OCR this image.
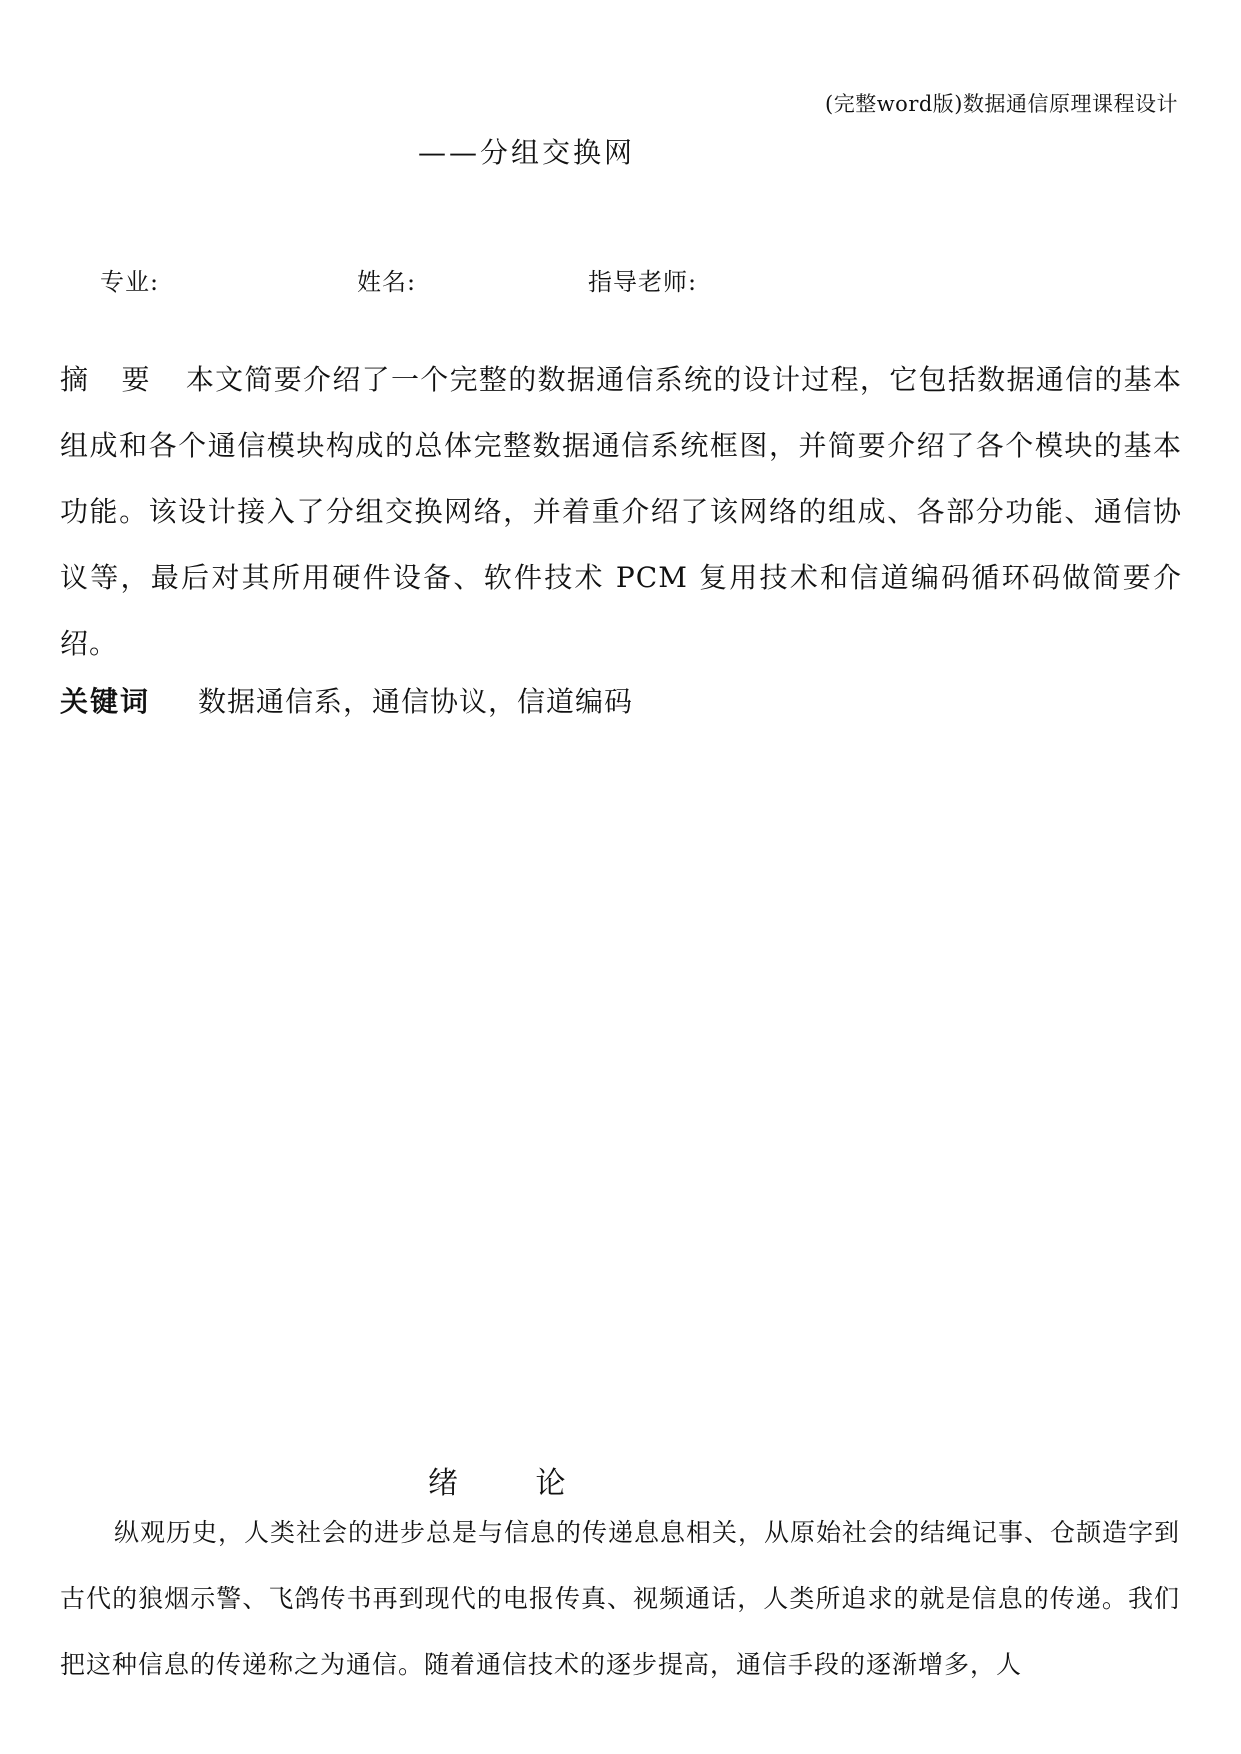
(完整word版)数据通信原理课程设计
——分组交换网
专业:	姓名:	指导老师:
摘 要 本文简要介绍了一个完整的数据通信系统的设计过程，它包括数据通信的基本组成和各个通信模块构成的总体完整数据通信系统框图，并简要介绍了各个模块的基本功能。该设计接入了分组交换网络，并着重介绍了该网络的组成、各部分功能、通信协议等，最后对其所用硬件设备、软件技术 PCM 复用技术和信道编码循环码做简要介绍。
关键词 数据通信系，通信协议，信道编码
绪 论
纵观历史，人类社会的进步总是与信息的传递息息相关，从原始社会的结绳记事、仓颉造字到古代的狼烟示警、飞鸽传书再到现代的电报传真、视频通话，人类所追求的就是信息的传递。我们把这种信息的传递称之为通信。随着通信技术的逐步提高，通信手段的逐渐增多，人
